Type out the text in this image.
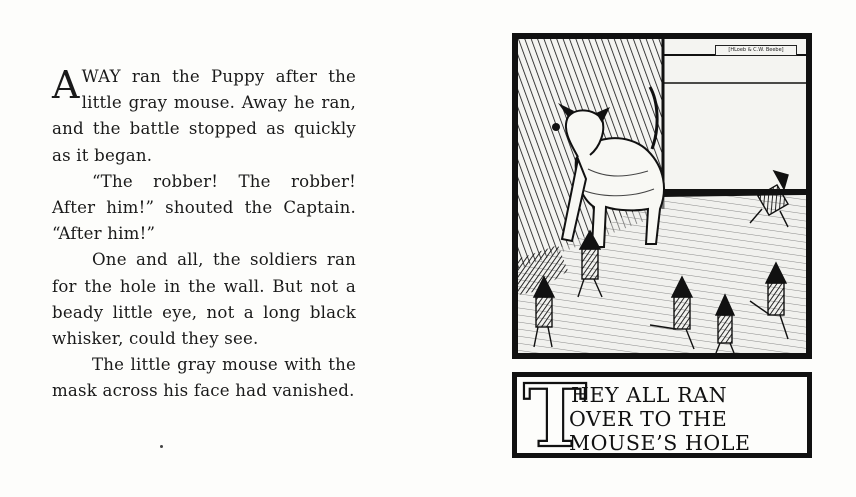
AWAY ran the Puppy after the little gray mouse. Away he ran, and the battle stopped as quickly as it began.

“The robber! The robber! After him!” shouted the Captain. “After him!”

One and all, the soldiers ran for the hole in the wall. But not a beady little eye, not a long black whisker, could they see.

The little gray mouse with the mask across his face had vanished.

[HLoeb & C.W. Beebe]
T
HEY ALL RAN
OVER TO THE
MOUSE’S HOLE
